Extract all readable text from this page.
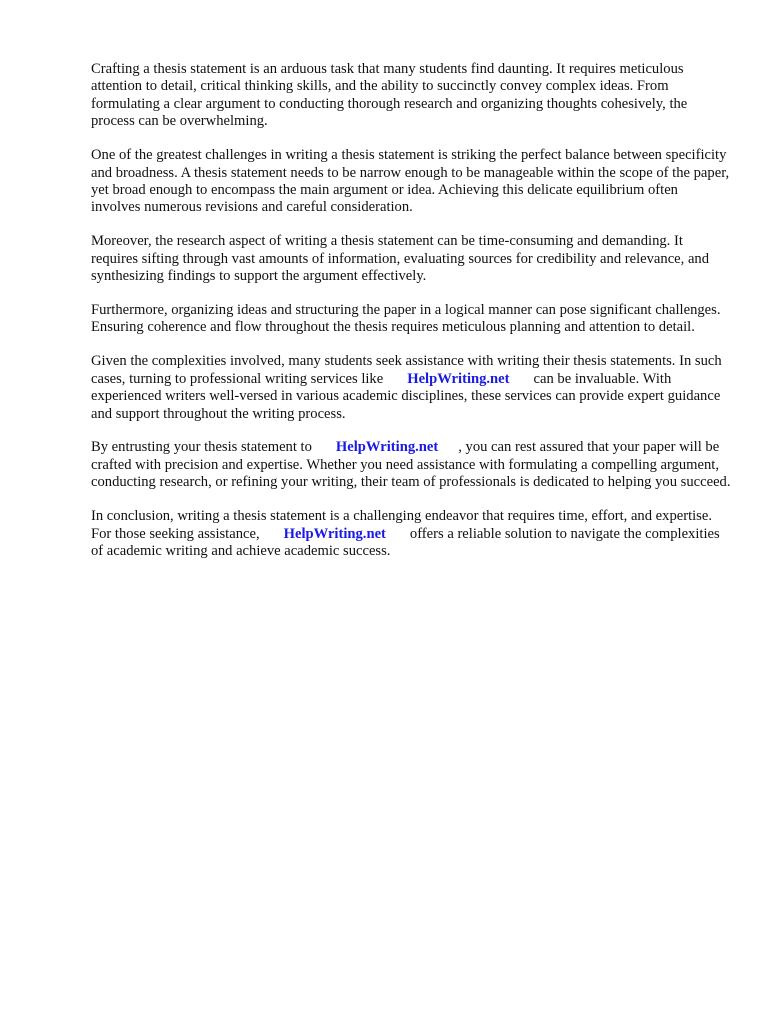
Crafting a thesis statement is an arduous task that many students find daunting. It requires meticulous attention to detail, critical thinking skills, and the ability to succinctly convey complex ideas. From formulating a clear argument to conducting thorough research and organizing thoughts cohesively, the process can be overwhelming.

One of the greatest challenges in writing a thesis statement is striking the perfect balance between specificity and broadness. A thesis statement needs to be narrow enough to be manageable within the scope of the paper, yet broad enough to encompass the main argument or idea. Achieving this delicate equilibrium often involves numerous revisions and careful consideration.

Moreover, the research aspect of writing a thesis statement can be time-consuming and demanding. It requires sifting through vast amounts of information, evaluating sources for credibility and relevance, and synthesizing findings to support the argument effectively.

Furthermore, organizing ideas and structuring the paper in a logical manner can pose significant challenges. Ensuring coherence and flow throughout the thesis requires meticulous planning and attention to detail.

Given the complexities involved, many students seek assistance with writing their thesis statements. In such cases, turning to professional writing services like HelpWriting.net can be invaluable. With experienced writers well-versed in various academic disciplines, these services can provide expert guidance and support throughout the writing process.

By entrusting your thesis statement to HelpWriting.net , you can rest assured that your paper will be crafted with precision and expertise. Whether you need assistance with formulating a compelling argument, conducting research, or refining your writing, their team of professionals is dedicated to helping you succeed.

In conclusion, writing a thesis statement is a challenging endeavor that requires time, effort, and expertise. For those seeking assistance, HelpWriting.net offers a reliable solution to navigate the complexities of academic writing and achieve academic success.
